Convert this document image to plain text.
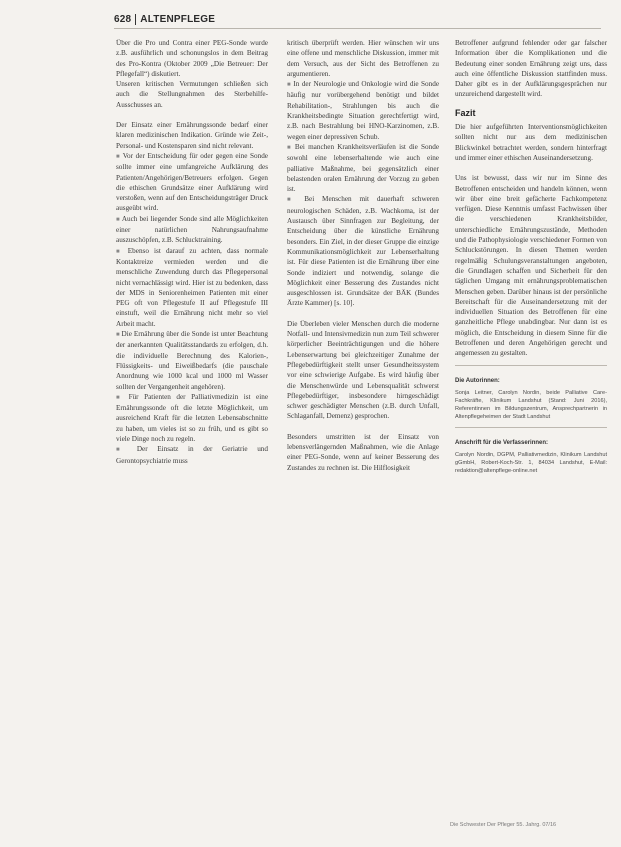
628 ALTENPFLEGE

Über die Pro und Contra einer PEG-Sonde wurde z.B. ausführlich und schonungslos in dem Beitrag des Pro-Kontra (Oktober 2009 „Die Betreuer: Der Pflegefall“) diskutiert.

Unseren kritischen Vermutungen schließen sich auch die Stellungnahmen des Sterbehilfe-Ausschusses an.

Der Einsatz einer Ernährungssonde bedarf einer klaren medizinischen Indikation. Gründe wie Zeit-, Personal- und Kostensparen sind nicht relevant.

■ Vor der Entscheidung für oder gegen eine Sonde sollte immer eine umfangreiche Aufklärung des Patienten/Angehörigen/Betreuers erfolgen. Gegen die ethischen Grundsätze einer Aufklärung wird verstoßen, wenn auf den Entscheidungsträger Druck ausgeübt wird.

■ Auch bei liegender Sonde sind alle Möglichkeiten einer natürlichen Nahrungsaufnahme auszuschöpfen, z.B. Schlucktraining.

■ Ebenso ist darauf zu achten, dass normale Kontaktreize vermieden werden und die menschliche Zuwendung durch das Pflegepersonal nicht vernachlässigt wird. Hier ist zu bedenken, dass der MDS in Seniorenheimen Patienten mit einer PEG oft von Pflegestufe II auf Pflegestufe III einstuft, weil die Ernährung nicht mehr so viel Arbeit macht.

■ Die Ernährung über die Sonde ist unter Beachtung der anerkannten Qualitätsstandards zu erfolgen, d.h. die individuelle Berechnung des Kalorien-, Flüssigkeits- und Eiweißbedarfs (die pauschale Anordnung wie 1000 kcal und 1000 ml Wasser sollten der Vergangenheit angehören).

■ Für Patienten der Palliativmedizin ist eine Ernährungssonde oft die letzte Möglichkeit, um ausreichend Kraft für die letzten Lebensabschnitte zu haben, um vieles ist so zu früh, und es gibt so viele Dinge noch zu regeln.

■ Der Einsatz in der Geriatrie und Gerontopsychiatrie muss

kritisch überprüft werden. Hier wünschen wir uns eine offene und menschliche Diskussion, immer mit dem Versuch, aus der Sicht des Betroffenen zu argumentieren.

■ In der Neurologie und Onkologie wird die Sonde häufig nur vorübergehend benötigt und bildet Rehabilitation-, Strahlungen bis auch die Krankheitsbedingte Situation gerechtfertigt wird, z.B. nach Bestrahlung bei HNO-Karzinomen, z.B. wegen einer depressiven Schub.

■ Bei manchen Krankheitsverläufen ist die Sonde sowohl eine lebenserhaltende wie auch eine palliative Maßnahme, bei gegensätzlich einer belastenden oralen Ernährung der Vorzug zu geben ist.

■ Bei Menschen mit dauerhaft schweren neurologischen Schäden, z.B. Wachkoma, ist der Austausch über Sinnfragen zur Begleitung, der Entscheidung über die künstliche Ernährung besonders. Ein Ziel, in der dieser Gruppe die einzige Kommunikationsmöglichkeit zur Lebenserhaltung ist. Für diese Patienten ist die Ernährung über eine Sonde indiziert und notwendig, solange die Möglichkeit einer Besserung des Zustandes nicht ausgeschlossen ist. Grundsätze der BÄK (Bundes Ärzte Kammer) [s. 10].

Die Überleben vieler Menschen durch die moderne Notfall- und Intensivmedizin nun zum Teil schwerer körperlicher Beeinträchtigungen und die höhere Lebenserwartung bei gleichzeitiger Zunahme der Pflegebedürftigkeit stellt unser Gesundheitssystem vor eine schwierige Aufgabe. Es wird häufig über die Menschenwürde und Lebensqualität schwerst Pflegebedürftiger, insbesondere hirngeschädigt schwer geschädigter Menschen (z.B. durch Unfall, Schlaganfall, Demenz) gesprochen.

Besonders umstritten ist der Einsatz von lebensverlängernden Maßnahmen, wie die Anlage einer PEG-Sonde, wenn auf keiner Besserung des Zustandes zu rechnen ist. Die Hilflosigkeit

Betroffener aufgrund fehlender oder gar falscher Information über die Komplikationen und die Bedeutung einer sonden Ernährung zeigt uns, dass auch eine öffentliche Diskussion stattfinden muss. Daher gibt es in der Aufklärungsgesprächen nur unzureichend dargestellt wird.

Fazit

Die hier aufgeführten Interventionsmöglichkeiten sollten nicht nur aus dem medizinischen Blickwinkel betrachtet werden, sondern hinterfragt und immer einer ethischen Auseinandersetzung.

Uns ist bewusst, dass wir nur im Sinne des Betroffenen entscheiden und handeln können, wenn wir über eine breit gefächerte Fachkompetenz verfügen. Diese Kenntnis umfasst Fachwissen über die verschiedenen Krankheitsbilder, unterschiedliche Ernährungszustände, Methoden und die Pathophysiologie verschiedener Formen von Schluckstörungen. In diesen Themen werden regelmäßig Schulungsveranstaltungen angeboten, die Grundlagen schaffen und Sicherheit für den täglichen Umgang mit ernährungsproblematischen Menschen geben. Darüber hinaus ist der persönliche Bereitschaft für die Auseinandersetzung mit der individuellen Situation des Betroffenen für eine ganzheitliche Pflege unabdingbar. Nur dann ist es möglich, die Entscheidung in diesem Sinne für die Betroffenen und deren Angehörigen gerecht und angemessen zu gestalten.

Die Autorinnen:

Sonja Leitner, Carolyn Nordin, beide Palliative Care-Fachkräfte, Klinikum Landshut (Stand: Juni 2016), Referentinnen im Bildungszentrum, Ansprechpartnerin in Altenpflegeheimen der Stadt Landshut

Anschrift für die Verfasserinnen:

Carolyn Nordin, DGPM, Palliativmedizin, Klinikum Landshut gGmbH, Robert-Koch-Str. 1, 84034 Landshut, E-Mail: redaktion@altenpflege-online.net

Die Schwester Der Pfleger 55. Jahrg. 07/16
